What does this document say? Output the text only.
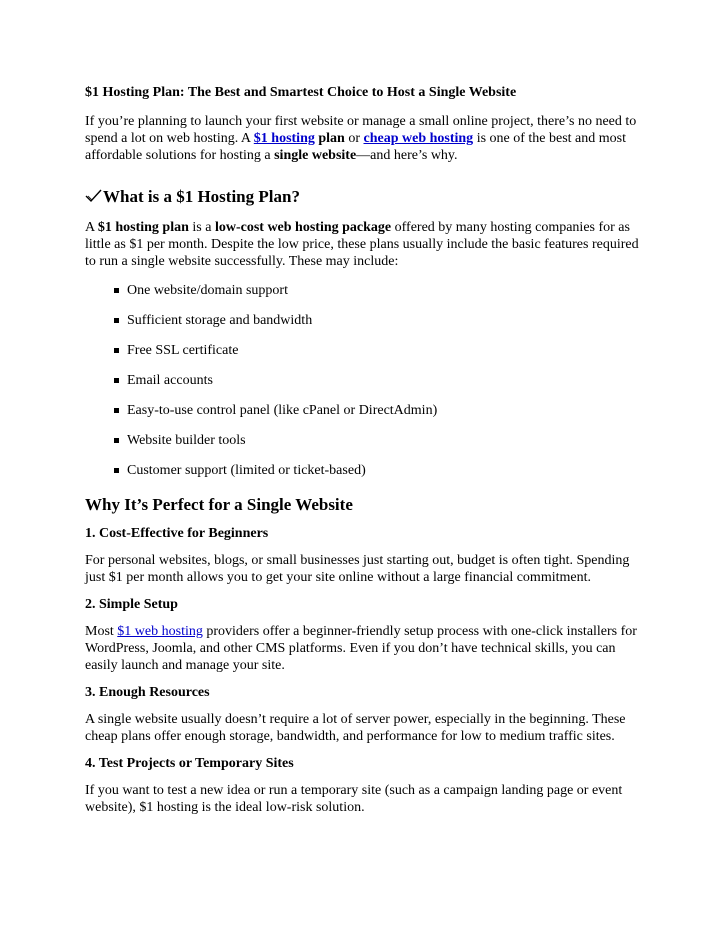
$1 Hosting Plan: The Best and Smartest Choice to Host a Single Website

If you’re planning to launch your first website or manage a small online project, there’s no need to spend a lot on web hosting. A $1 hosting plan or cheap web hosting is one of the best and most affordable solutions for hosting a single website—and here’s why.

What is a $1 Hosting Plan?

A $1 hosting plan is a low-cost web hosting package offered by many hosting companies for as little as $1 per month. Despite the low price, these plans usually include the basic features required to run a single website successfully. These may include:

One website/domain support
Sufficient storage and bandwidth
Free SSL certificate
Email accounts
Easy-to-use control panel (like cPanel or DirectAdmin)
Website builder tools
Customer support (limited or ticket-based)
Why It’s Perfect for a Single Website
1. Cost-Effective for Beginners

For personal websites, blogs, or small businesses just starting out, budget is often tight. Spending just $1 per month allows you to get your site online without a large financial commitment.

2. Simple Setup

Most $1 web hosting providers offer a beginner-friendly setup process with one-click installers for WordPress, Joomla, and other CMS platforms. Even if you don’t have technical skills, you can easily launch and manage your site.

3. Enough Resources

A single website usually doesn’t require a lot of server power, especially in the beginning. These cheap plans offer enough storage, bandwidth, and performance for low to medium traffic sites.

4. Test Projects or Temporary Sites

If you want to test a new idea or run a temporary site (such as a campaign landing page or event website), $1 hosting is the ideal low-risk solution.
